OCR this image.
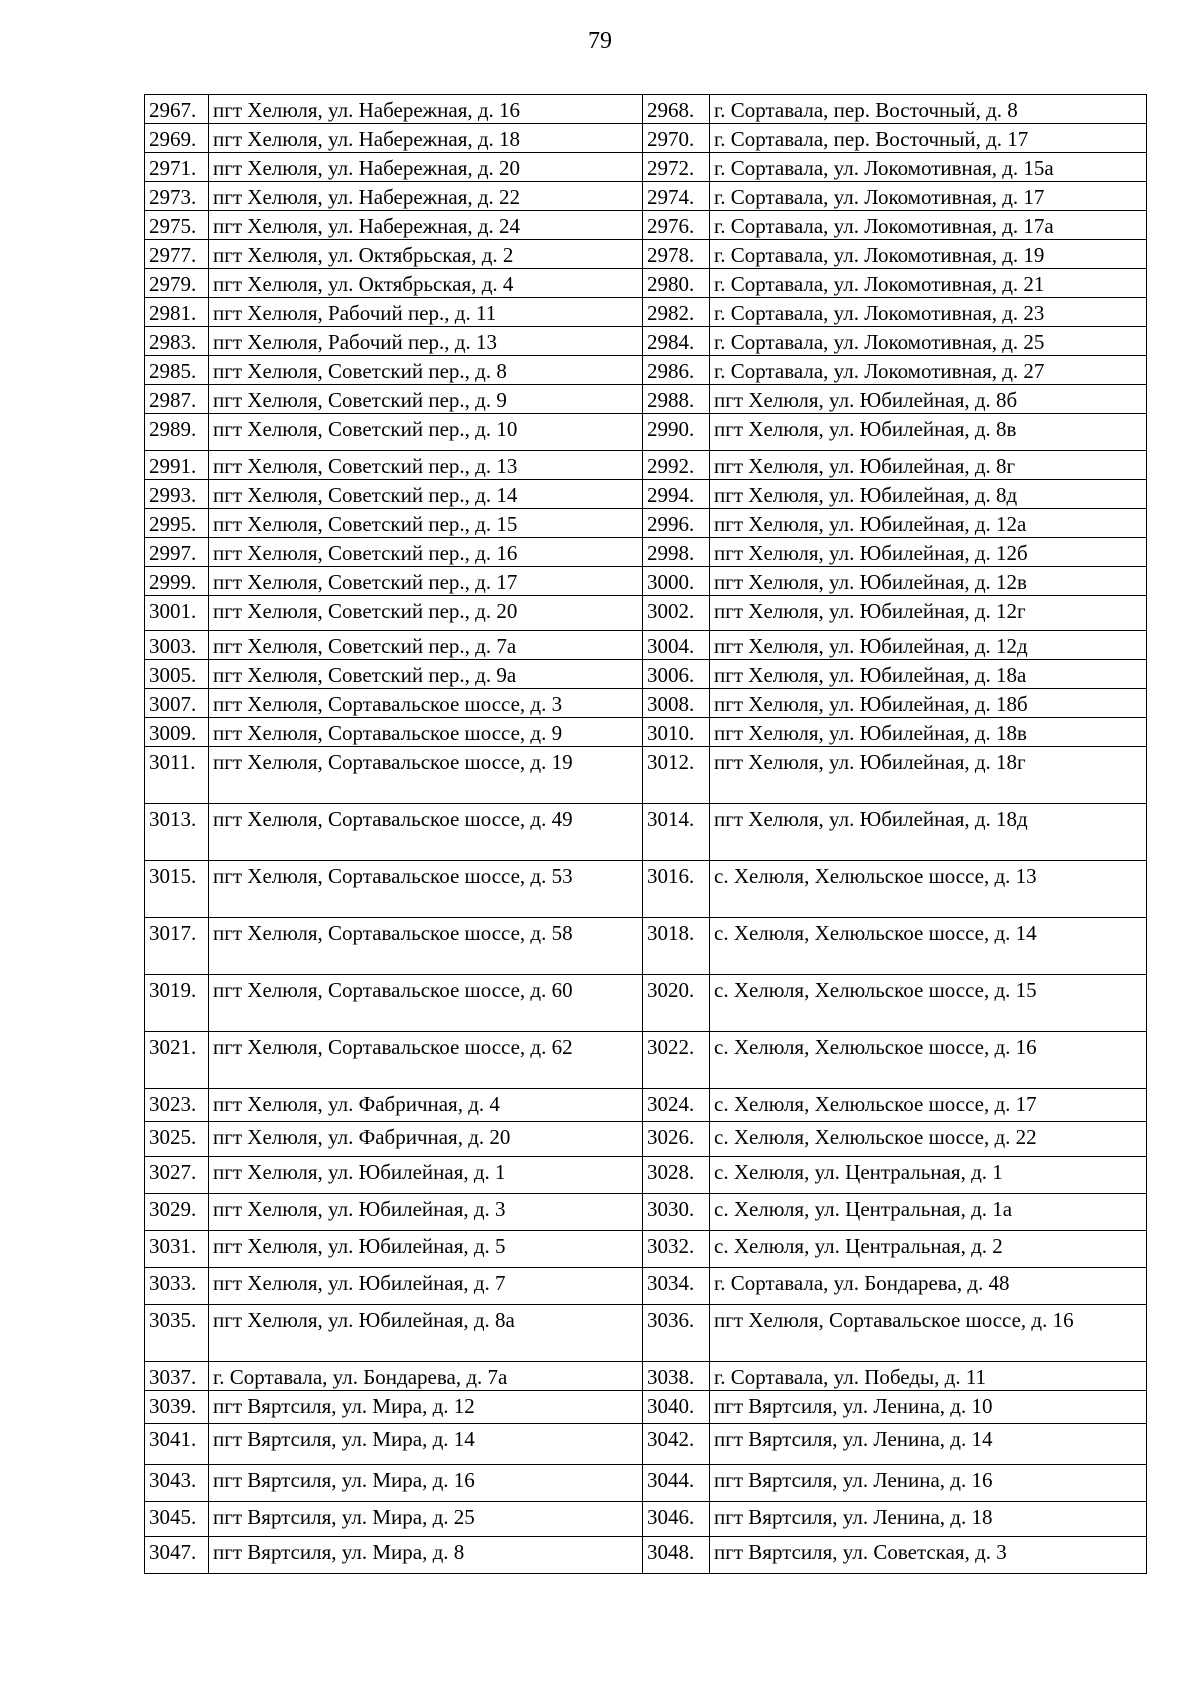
79
2967.	пгт Хелюля, ул. Набережная, д. 16	2968.	г. Сортавала, пер. Восточный, д. 8
2969.	пгт Хелюля, ул. Набережная, д. 18	2970.	г. Сортавала, пер. Восточный, д. 17
2971.	пгт Хелюля, ул. Набережная, д. 20	2972.	г. Сортавала, ул. Локомотивная, д. 15а
2973.	пгт Хелюля, ул. Набережная, д. 22	2974.	г. Сортавала, ул. Локомотивная, д. 17
2975.	пгт Хелюля, ул. Набережная, д. 24	2976.	г. Сортавала, ул. Локомотивная, д. 17а
2977.	пгт Хелюля, ул. Октябрьская, д. 2	2978.	г. Сортавала, ул. Локомотивная, д. 19
2979.	пгт Хелюля, ул. Октябрьская, д. 4	2980.	г. Сортавала, ул. Локомотивная, д. 21
2981.	пгт Хелюля, Рабочий пер., д. 11	2982.	г. Сортавала, ул. Локомотивная, д. 23
2983.	пгт Хелюля, Рабочий пер., д. 13	2984.	г. Сортавала, ул. Локомотивная, д. 25
2985.	пгт Хелюля, Советский пер., д. 8	2986.	г. Сортавала, ул. Локомотивная, д. 27
2987.	пгт Хелюля, Советский пер., д. 9	2988.	пгт Хелюля, ул. Юбилейная, д. 8б
2989.	пгт Хелюля, Советский пер., д. 10	2990.	пгт Хелюля, ул. Юбилейная, д. 8в
2991.	пгт Хелюля, Советский пер., д. 13	2992.	пгт Хелюля, ул. Юбилейная, д. 8г
2993.	пгт Хелюля, Советский пер., д. 14	2994.	пгт Хелюля, ул. Юбилейная, д. 8д
2995.	пгт Хелюля, Советский пер., д. 15	2996.	пгт Хелюля, ул. Юбилейная, д. 12а
2997.	пгт Хелюля, Советский пер., д. 16	2998.	пгт Хелюля, ул. Юбилейная, д. 12б
2999.	пгт Хелюля, Советский пер., д. 17	3000.	пгт Хелюля, ул. Юбилейная, д. 12в
3001.	пгт Хелюля, Советский пер., д. 20	3002.	пгт Хелюля, ул. Юбилейная, д. 12г
3003.	пгт Хелюля, Советский пер., д. 7а	3004.	пгт Хелюля, ул. Юбилейная, д. 12д
3005.	пгт Хелюля, Советский пер., д. 9а	3006.	пгт Хелюля, ул. Юбилейная, д. 18а
3007.	пгт Хелюля, Сортавальское шоссе, д. 3	3008.	пгт Хелюля, ул. Юбилейная, д. 18б
3009.	пгт Хелюля, Сортавальское шоссе, д. 9	3010.	пгт Хелюля, ул. Юбилейная, д. 18в
3011.	пгт Хелюля, Сортавальское шоссе, д. 19	3012.	пгт Хелюля, ул. Юбилейная, д. 18г
3013.	пгт Хелюля, Сортавальское шоссе, д. 49	3014.	пгт Хелюля, ул. Юбилейная, д. 18д
3015.	пгт Хелюля, Сортавальское шоссе, д. 53	3016.	с. Хелюля, Хелюльское шоссе, д. 13
3017.	пгт Хелюля, Сортавальское шоссе, д. 58	3018.	с. Хелюля, Хелюльское шоссе, д. 14
3019.	пгт Хелюля, Сортавальское шоссе, д. 60	3020.	с. Хелюля, Хелюльское шоссе, д. 15
3021.	пгт Хелюля, Сортавальское шоссе, д. 62	3022.	с. Хелюля, Хелюльское шоссе, д. 16
3023.	пгт Хелюля, ул. Фабричная, д. 4	3024.	с. Хелюля, Хелюльское шоссе, д. 17
3025.	пгт Хелюля, ул. Фабричная, д. 20	3026.	с. Хелюля, Хелюльское шоссе, д. 22
3027.	пгт Хелюля, ул. Юбилейная, д. 1	3028.	с. Хелюля, ул. Центральная, д. 1
3029.	пгт Хелюля, ул. Юбилейная, д. 3	3030.	с. Хелюля, ул. Центральная, д. 1а
3031.	пгт Хелюля, ул. Юбилейная, д. 5	3032.	с. Хелюля, ул. Центральная, д. 2
3033.	пгт Хелюля, ул. Юбилейная, д. 7	3034.	г. Сортавала, ул. Бондарева, д. 48
3035.	пгт Хелюля, ул. Юбилейная, д. 8а	3036.	пгт Хелюля, Сортавальское шоссе, д. 16
3037.	г. Сортавала, ул. Бондарева, д. 7а	3038.	г. Сортавала, ул. Победы, д. 11
3039.	пгт Вяртсиля, ул. Мира, д. 12	3040.	пгт Вяртсиля, ул. Ленина, д. 10
3041.	пгт Вяртсиля, ул. Мира, д. 14	3042.	пгт Вяртсиля, ул. Ленина, д. 14
3043.	пгт Вяртсиля, ул. Мира, д. 16	3044.	пгт Вяртсиля, ул. Ленина, д. 16
3045.	пгт Вяртсиля, ул. Мира, д. 25	3046.	пгт Вяртсиля, ул. Ленина, д. 18
3047.	пгт Вяртсиля, ул. Мира, д. 8	3048.	пгт Вяртсиля, ул. Советская, д. 3
